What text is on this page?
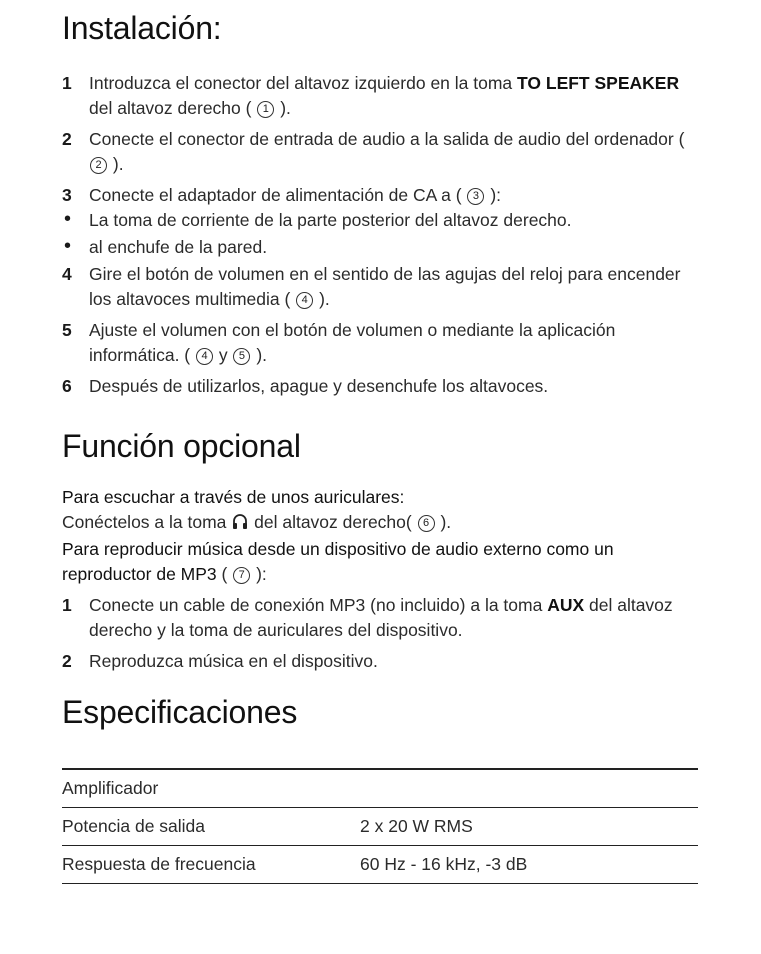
Instalación:
1 Introduzca el conector del altavoz izquierdo en la toma TO LEFT SPEAKER del altavoz derecho ( 1 ).
2 Conecte el conector de entrada de audio a la salida de audio del ordenador ( 2 ).
3 Conecte el adaptador de alimentación de CA a ( 3 ):
• La toma de corriente de la parte posterior del altavoz derecho.
• al enchufe de la pared.
4 Gire el botón de volumen en el sentido de las agujas del reloj para encender los altavoces multimedia ( 4 ).
5 Ajuste el volumen con el botón de volumen o mediante la aplicación informática. ( 4 y 5 ).
6 Después de utilizarlos, apague y desenchufe los altavoces.
Función opcional
Para escuchar a través de unos auriculares:
Conéctelos a la toma  del altavoz derecho( 6 ).
Para reproducir música desde un dispositivo de audio externo como un reproductor de MP3 ( 7 ):
1 Conecte un cable de conexión MP3 (no incluido) a la toma AUX del altavoz derecho y la toma de auriculares del dispositivo.
2 Reproduzca música en el dispositivo.
Especificaciones
Amplificador	
Potencia de salida	2 x 20 W RMS
Respuesta de frecuencia	60 Hz - 16 kHz, -3 dB
